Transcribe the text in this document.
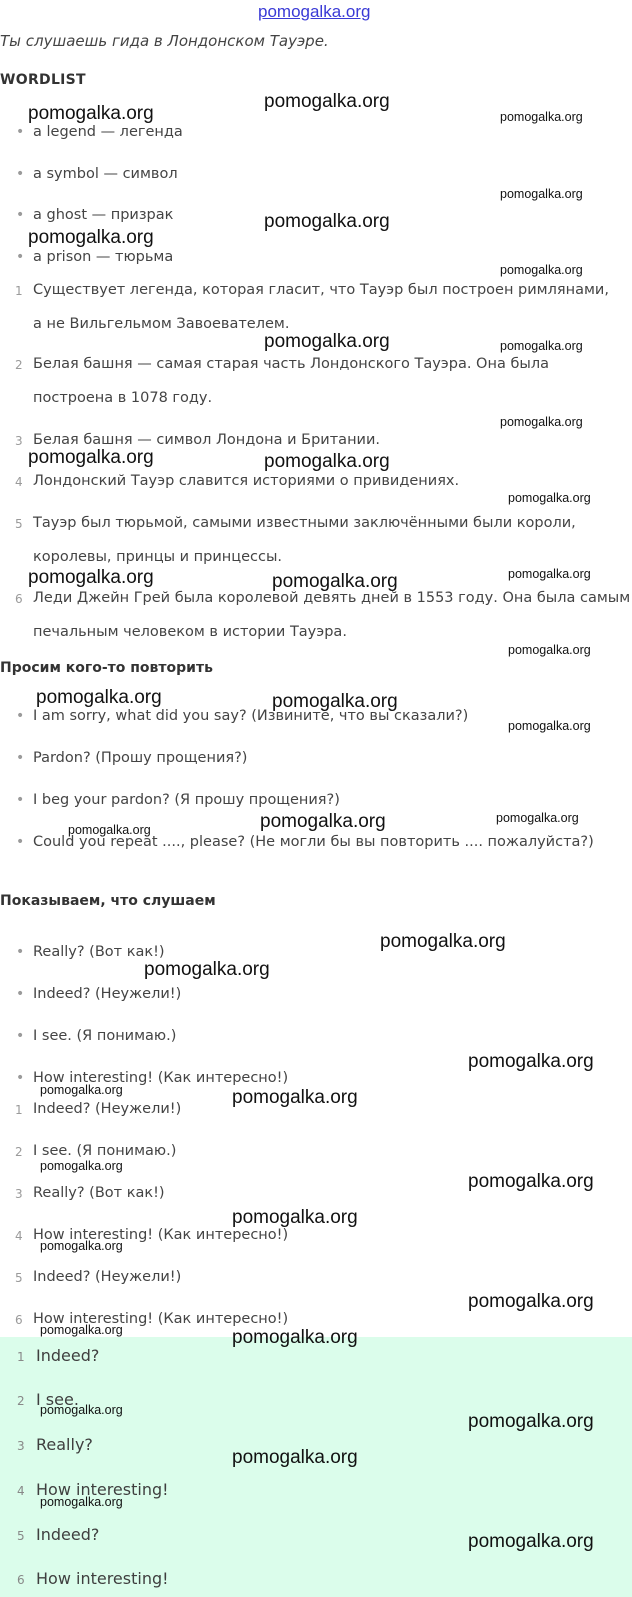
pomogalka.org
Ты слушаешь гида в Лондонском Тауэре.
WORDLIST
• a legend — легенда
• a symbol — символ
• a ghost — призрак
• a prison — тюрьма
1 Существует легенда, которая гласит, что Тауэр был построен римлянами,
а не Вильгельмом Завоевателем.
2 Белая башня — самая старая часть Лондонского Тауэра. Она была
построена в 1078 году.
3 Белая башня — символ Лондона и Британии.
4 Лондонский Тауэр славится историями о привидениях.
5 Тауэр был тюрьмой, самыми известными заключёнными были короли,
королевы, принцы и принцессы.
6 Леди Джейн Грей была королевой девять дней в 1553 году. Она была самым
печальным человеком в истории Тауэра.
Просим кого-то повторить
• I am sorry, what did you say? (Извините, что вы сказали?)
• Pardon? (Прошу прощения?)
• I beg your pardon? (Я прошу прощения?)
• Could you repeat ...., please? (Не могли бы вы повторить .... пожалуйста?)
Показываем, что слушаем
• Really? (Вот как!)
• Indeed? (Неужели!)
• I see. (Я понимаю.)
• How interesting! (Как интересно!)
1 Indeed? (Неужели!)
2 I see. (Я понимаю.)
3 Really? (Вот как!)
4 How interesting! (Как интересно!)
5 Indeed? (Неужели!)
6 How interesting! (Как интересно!)
1 Indeed?
2 I see.
3 Really?
4 How interesting!
5 Indeed?
6 How interesting!
pomogalka.org
pomogalka.org
pomogalka.org
pomogalka.org
pomogalka.org
pomogalka.org
pomogalka.org
pomogalka.org	pomogalka.org
pomogalka.org
pomogalka.org	pomogalka.org
pomogalka.org
pomogalka.org	pomogalka.org
pomogalka.org
pomogalka.org
pomogalka.org	pomogalka.org
pomogalka.org
pomogalka.org
pomogalka.org
pomogalka.org
pomogalka.org
pomogalka.org
pomogalka.org
pomogalka.org	pomogalka.org
pomogalka.org
pomogalka.org
pomogalka.org
pomogalka.org
pomogalka.org
pomogalka.org	pomogalka.org
pomogalka.org
pomogalka.org
pomogalka.org
pomogalka.org
pomogalka.org
